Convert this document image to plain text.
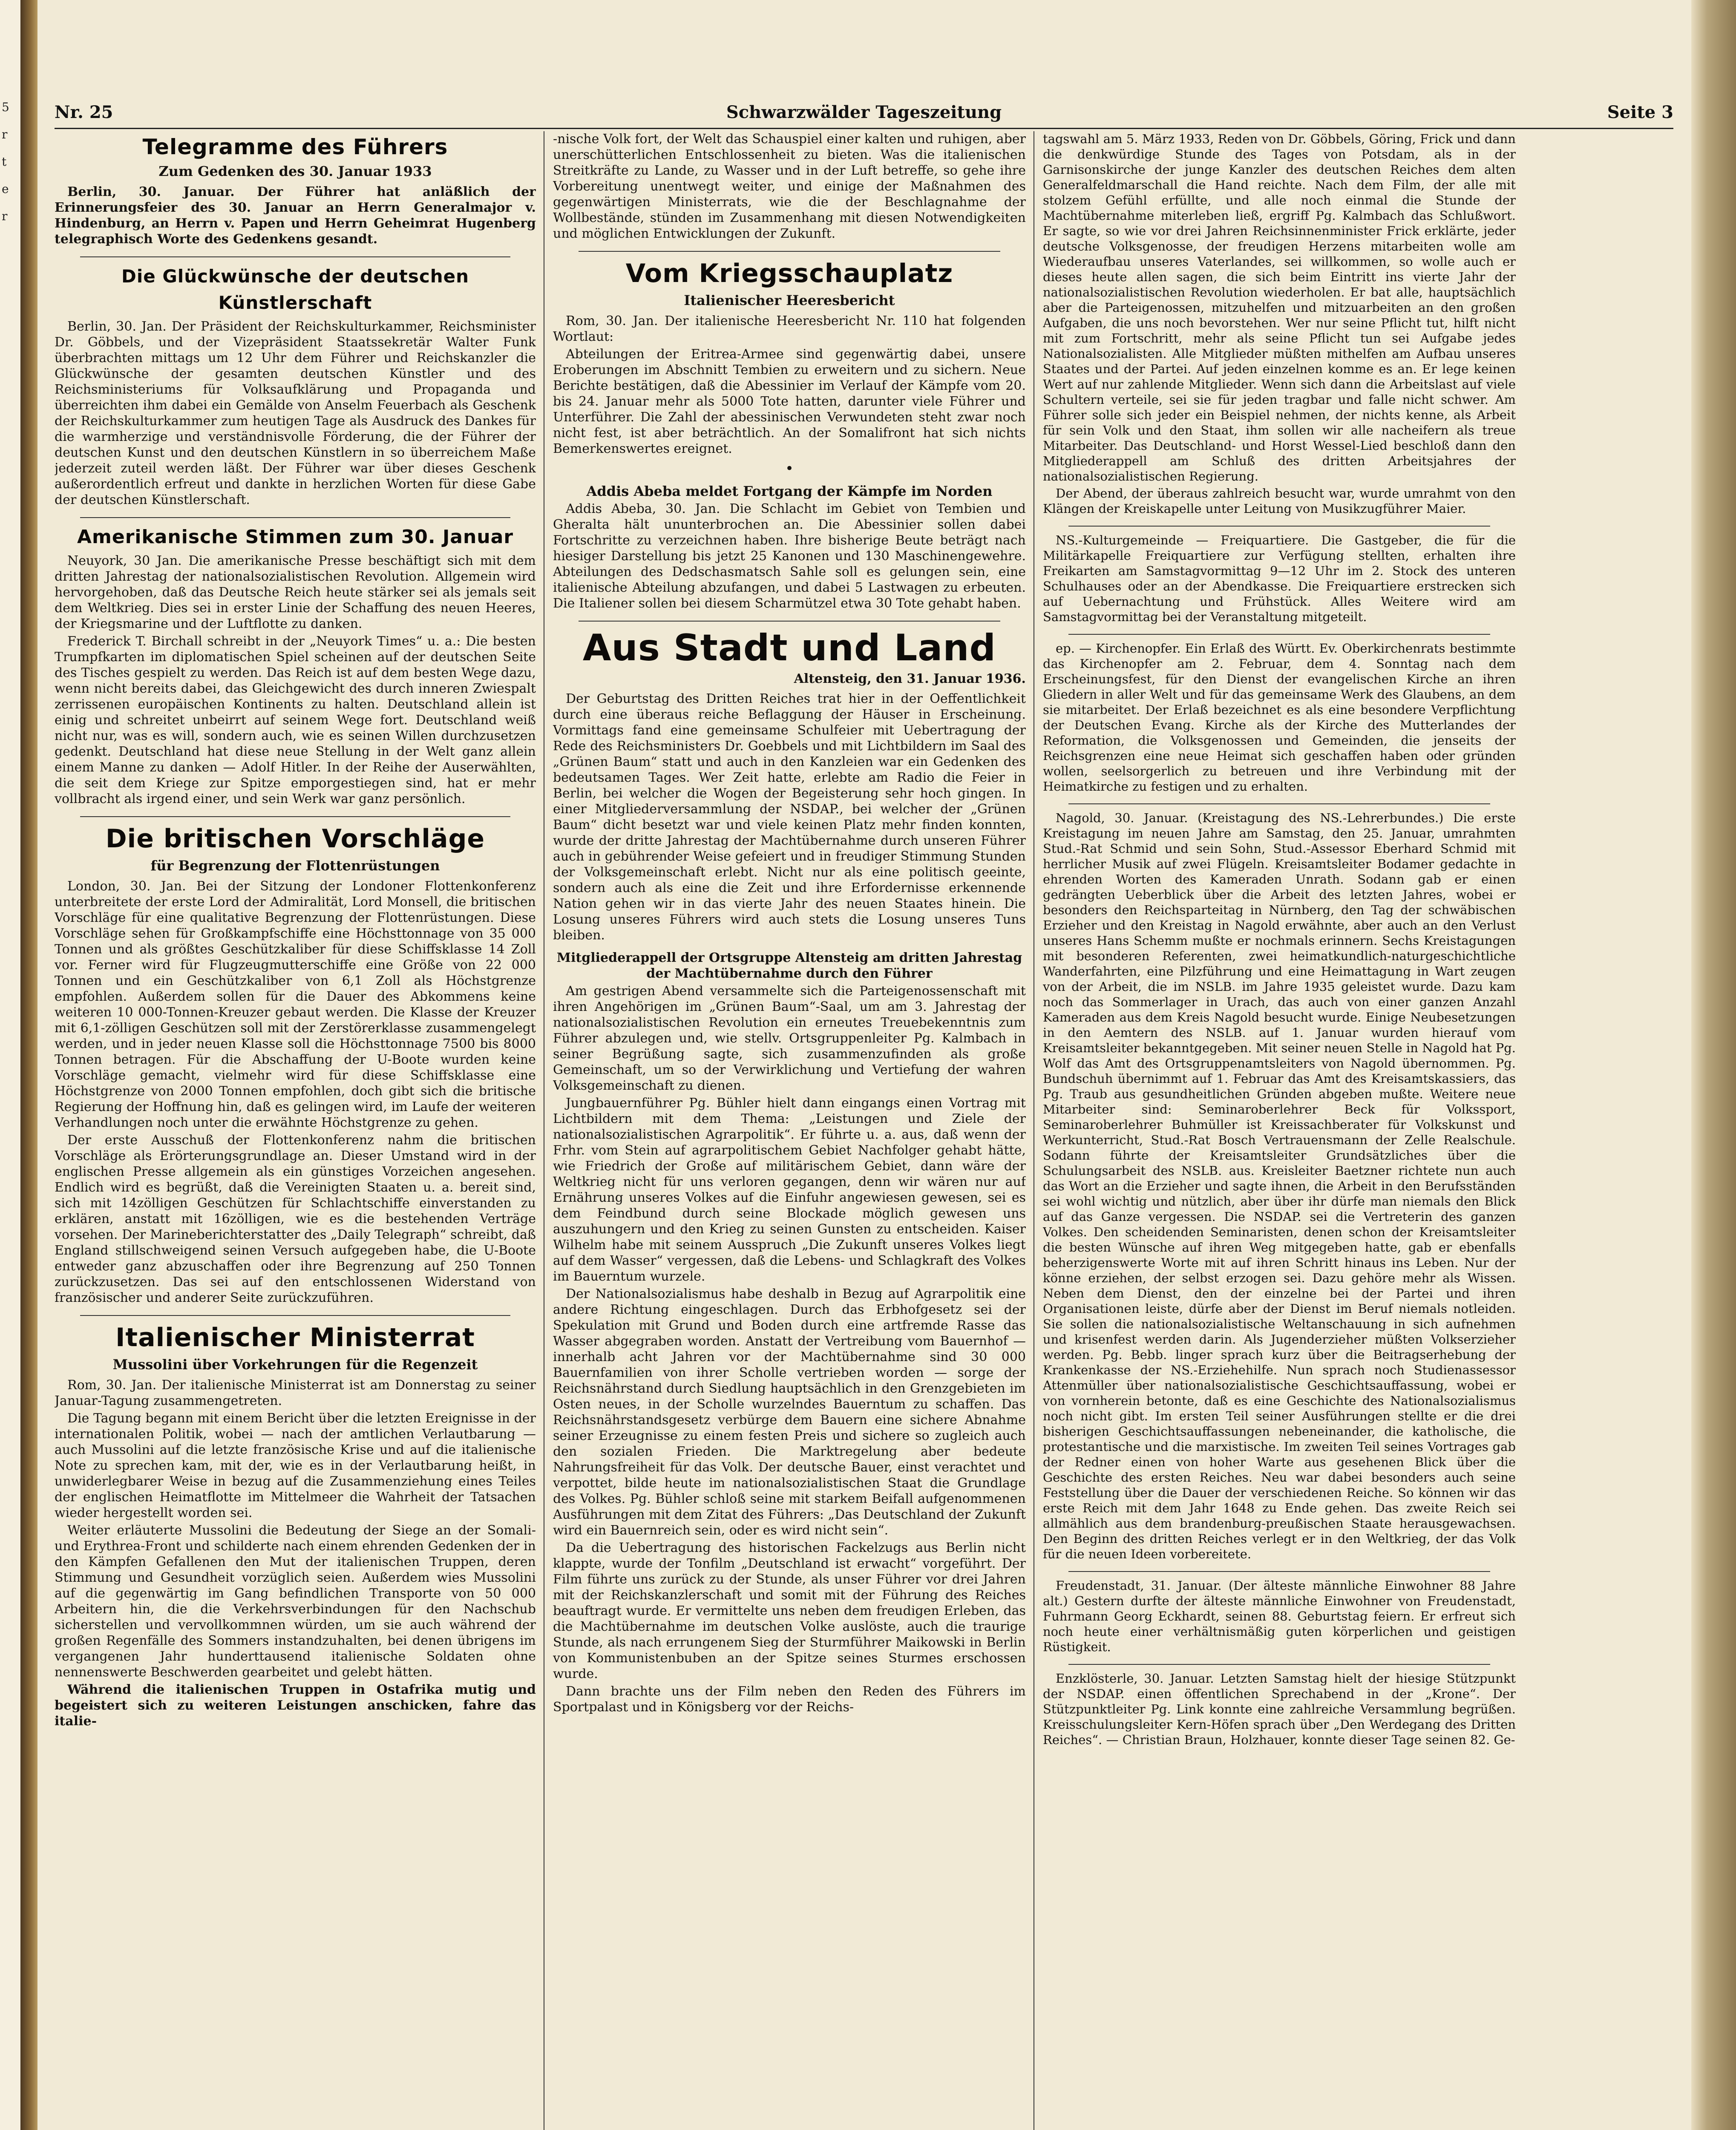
5
r
t
e
r
Nr. 25	Schwarzwälder Tageszeitung	Seite 3
Telegramme des Führers
Zum Gedenken des 30. Januar 1933

Berlin, 30. Januar. Der Führer hat anläßlich der Erinnerungsfeier des 30. Januar an Herrn Generalmajor v. Hindenburg, an Herrn v. Papen und Herrn Geheimrat Hugenberg telegraphisch Worte des Gedenkens gesandt.

Die Glückwünsche der deutschen Künstlerschaft

Berlin, 30. Jan. Der Präsident der Reichskulturkammer, Reichsminister Dr. Göbbels, und der Vizepräsident Staatssekretär Walter Funk überbrachten mittags um 12 Uhr dem Führer und Reichskanzler die Glückwünsche der gesamten deutschen Künstler und des Reichsministeriums für Volksaufklärung und Propaganda und überreichten ihm dabei ein Gemälde von Anselm Feuerbach als Geschenk der Reichskulturkammer zum heutigen Tage als Ausdruck des Dankes für die warmherzige und verständnisvolle Förderung, die der Führer der deutschen Kunst und den deutschen Künstlern in so überreichem Maße jederzeit zuteil werden läßt. Der Führer war über dieses Geschenk außerordentlich erfreut und dankte in herzlichen Worten für diese Gabe der deutschen Künstlerschaft.

Amerikanische Stimmen zum 30. Januar

Neuyork, 30 Jan. Die amerikanische Presse beschäftigt sich mit dem dritten Jahrestag der nationalsozialistischen Revolution. Allgemein wird hervorgehoben, daß das Deutsche Reich heute stärker sei als jemals seit dem Weltkrieg. Dies sei in erster Linie der Schaffung des neuen Heeres, der Kriegsmarine und der Luftflotte zu danken.

Frederick T. Birchall schreibt in der „Neuyork Times“ u. a.: Die besten Trumpfkarten im diplomatischen Spiel scheinen auf der deutschen Seite des Tisches gespielt zu werden. Das Reich ist auf dem besten Wege dazu, wenn nicht bereits dabei, das Gleichgewicht des durch inneren Zwiespalt zerrissenen europäischen Kontinents zu halten. Deutschland allein ist einig und schreitet unbeirrt auf seinem Wege fort. Deutschland weiß nicht nur, was es will, sondern auch, wie es seinen Willen durchzusetzen gedenkt. Deutschland hat diese neue Stellung in der Welt ganz allein einem Manne zu danken — Adolf Hitler. In der Reihe der Auserwählten, die seit dem Kriege zur Spitze emporgestiegen sind, hat er mehr vollbracht als irgend einer, und sein Werk war ganz persönlich.

Die britischen Vorschläge
für Begrenzung der Flottenrüstungen

London, 30. Jan. Bei der Sitzung der Londoner Flottenkonferenz unterbreitete der erste Lord der Admiralität, Lord Monsell, die britischen Vorschläge für eine qualitative Begrenzung der Flottenrüstungen. Diese Vorschläge sehen für Großkampfschiffe eine Höchsttonnage von 35 000 Tonnen und als größtes Geschützkaliber für diese Schiffsklasse 14 Zoll vor. Ferner wird für Flugzeugmutterschiffe eine Größe von 22 000 Tonnen und ein Geschützkaliber von 6,1 Zoll als Höchstgrenze empfohlen. Außerdem sollen für die Dauer des Abkommens keine weiteren 10 000-Tonnen-Kreuzer gebaut werden. Die Klasse der Kreuzer mit 6,1-zölligen Geschützen soll mit der Zerstörerklasse zusammengelegt werden, und in jeder neuen Klasse soll die Höchsttonnage 7500 bis 8000 Tonnen betragen. Für die Abschaffung der U-Boote wurden keine Vorschläge gemacht, vielmehr wird für diese Schiffsklasse eine Höchstgrenze von 2000 Tonnen empfohlen, doch gibt sich die britische Regierung der Hoffnung hin, daß es gelingen wird, im Laufe der weiteren Verhandlungen noch unter die erwähnte Höchstgrenze zu gehen.

Der erste Ausschuß der Flottenkonferenz nahm die britischen Vorschläge als Erörterungsgrundlage an. Dieser Umstand wird in der englischen Presse allgemein als ein günstiges Vorzeichen angesehen. Endlich wird es begrüßt, daß die Vereinigten Staaten u. a. bereit sind, sich mit 14zölligen Geschützen für Schlachtschiffe einverstanden zu erklären, anstatt mit 16zölligen, wie es die bestehenden Verträge vorsehen. Der Marineberichterstatter des „Daily Telegraph“ schreibt, daß England stillschweigend seinen Versuch aufgegeben habe, die U-Boote entweder ganz abzuschaffen oder ihre Begrenzung auf 250 Tonnen zurückzusetzen. Das sei auf den entschlossenen Widerstand von französischer und anderer Seite zurückzuführen.

Italienischer Ministerrat
Mussolini über Vorkehrungen für die Regenzeit

Rom, 30. Jan. Der italienische Ministerrat ist am Donnerstag zu seiner Januar-Tagung zusammengetreten.

Die Tagung begann mit einem Bericht über die letzten Ereignisse in der internationalen Politik, wobei — nach der amtlichen Verlautbarung — auch Mussolini auf die letzte französische Krise und auf die italienische Note zu sprechen kam, mit der, wie es in der Verlautbarung heißt, in unwiderlegbarer Weise in bezug auf die Zusammenziehung eines Teiles der englischen Heimatflotte im Mittelmeer die Wahrheit der Tatsachen wieder hergestellt worden sei.

Weiter erläuterte Mussolini die Bedeutung der Siege an der Somali- und Erythrea-Front und schilderte nach einem ehrenden Gedenken der in den Kämpfen Gefallenen den Mut der italienischen Truppen, deren Stimmung und Gesundheit vorzüglich seien. Außerdem wies Mussolini auf die gegenwärtig im Gang befindlichen Transporte von 50 000 Arbeitern hin, die die Verkehrsverbindungen für den Nachschub sicherstellen und vervollkommnen würden, um sie auch während der großen Regenfälle des Sommers instandzuhalten, bei denen übrigens im vergangenen Jahr hunderttausend italienische Soldaten ohne nennenswerte Beschwerden gearbeitet und gelebt hätten.

Während die italienischen Truppen in Ostafrika mutig und begeistert sich zu weiteren Leistungen anschicken, fahre das italie-

-nische Volk fort, der Welt das Schauspiel einer kalten und ruhigen, aber unerschütterlichen Entschlossenheit zu bieten. Was die italienischen Streitkräfte zu Lande, zu Wasser und in der Luft betreffe, so gehe ihre Vorbereitung unentwegt weiter, und einige der Maßnahmen des gegenwärtigen Ministerrats, wie die der Beschlagnahme der Wollbestände, stünden im Zusammenhang mit diesen Notwendigkeiten und möglichen Entwicklungen der Zukunft.

Vom Kriegsschauplatz
Italienischer Heeresbericht

Rom, 30. Jan. Der italienische Heeresbericht Nr. 110 hat folgenden Wortlaut:

Abteilungen der Eritrea-Armee sind gegenwärtig dabei, unsere Eroberungen im Abschnitt Tembien zu erweitern und zu sichern. Neue Berichte bestätigen, daß die Abessinier im Verlauf der Kämpfe vom 20. bis 24. Januar mehr als 5000 Tote hatten, darunter viele Führer und Unterführer. Die Zahl der abessinischen Verwundeten steht zwar noch nicht fest, ist aber beträchtlich. An der Somalifront hat sich nichts Bemerkenswertes ereignet.

•

Addis Abeba meldet Fortgang der Kämpfe im Norden

Addis Abeba, 30. Jan. Die Schlacht im Gebiet von Tembien und Gheralta hält ununterbrochen an. Die Abessinier sollen dabei Fortschritte zu verzeichnen haben. Ihre bisherige Beute beträgt nach hiesiger Darstellung bis jetzt 25 Kanonen und 130 Maschinengewehre. Abteilungen des Dedschasmatsch Sahle soll es gelungen sein, eine italienische Abteilung abzufangen, und dabei 5 Lastwagen zu erbeuten. Die Italiener sollen bei diesem Scharmützel etwa 30 Tote gehabt haben.

Aus Stadt und Land
Altensteig, den 31. Januar 1936.

Der Geburtstag des Dritten Reiches trat hier in der Oeffentlichkeit durch eine überaus reiche Beflaggung der Häuser in Erscheinung. Vormittags fand eine gemeinsame Schulfeier mit Uebertragung der Rede des Reichsministers Dr. Goebbels und mit Lichtbildern im Saal des „Grünen Baum“ statt und auch in den Kanzleien war ein Gedenken des bedeutsamen Tages. Wer Zeit hatte, erlebte am Radio die Feier in Berlin, bei welcher die Wogen der Begeisterung sehr hoch gingen. In einer Mitgliederversammlung der NSDAP., bei welcher der „Grünen Baum“ dicht besetzt war und viele keinen Platz mehr finden konnten, wurde der dritte Jahrestag der Machtübernahme durch unseren Führer auch in gebührender Weise gefeiert und in freudiger Stimmung Stunden der Volksgemeinschaft erlebt. Nicht nur als eine politisch geeinte, sondern auch als eine die Zeit und ihre Erfordernisse erkennende Nation gehen wir in das vierte Jahr des neuen Staates hinein. Die Losung unseres Führers wird auch stets die Losung unseres Tuns bleiben.

Mitgliederappell der Ortsgruppe Altensteig am dritten Jahrestag der Machtübernahme durch den Führer

Am gestrigen Abend versammelte sich die Parteigenossenschaft mit ihren Angehörigen im „Grünen Baum“-Saal, um am 3. Jahrestag der nationalsozialistischen Revolution ein erneutes Treuebekenntnis zum Führer abzulegen und, wie stellv. Ortsgruppenleiter Pg. Kalmbach in seiner Begrüßung sagte, sich zusammenzufinden als große Gemeinschaft, um so der Verwirklichung und Vertiefung der wahren Volksgemeinschaft zu dienen.

Jungbauernführer Pg. Bühler hielt dann eingangs einen Vortrag mit Lichtbildern mit dem Thema: „Leistungen und Ziele der nationalsozialistischen Agrarpolitik“. Er führte u. a. aus, daß wenn der Frhr. vom Stein auf agrarpolitischem Gebiet Nachfolger gehabt hätte, wie Friedrich der Große auf militärischem Gebiet, dann wäre der Weltkrieg nicht für uns verloren gegangen, denn wir wären nur auf Ernährung unseres Volkes auf die Einfuhr angewiesen gewesen, sei es dem Feindbund durch seine Blockade möglich gewesen uns auszuhungern und den Krieg zu seinen Gunsten zu entscheiden. Kaiser Wilhelm habe mit seinem Ausspruch „Die Zukunft unseres Volkes liegt auf dem Wasser“ vergessen, daß die Lebens- und Schlagkraft des Volkes im Bauerntum wurzele.

Der Nationalsozialismus habe deshalb in Bezug auf Agrarpolitik eine andere Richtung eingeschlagen. Durch das Erbhofgesetz sei der Spekulation mit Grund und Boden durch eine artfremde Rasse das Wasser abgegraben worden. Anstatt der Vertreibung vom Bauernhof — innerhalb acht Jahren vor der Machtübernahme sind 30 000 Bauernfamilien von ihrer Scholle vertrieben worden — sorge der Reichsnährstand durch Siedlung hauptsächlich in den Grenzgebieten im Osten neues, in der Scholle wurzelndes Bauerntum zu schaffen. Das Reichsnährstandsgesetz verbürge dem Bauern eine sichere Abnahme seiner Erzeugnisse zu einem festen Preis und sichere so zugleich auch den sozialen Frieden. Die Marktregelung aber bedeute Nahrungsfreiheit für das Volk. Der deutsche Bauer, einst verachtet und verpottet, bilde heute im nationalsozialistischen Staat die Grundlage des Volkes. Pg. Bühler schloß seine mit starkem Beifall aufgenommenen Ausführungen mit dem Zitat des Führers: „Das Deutschland der Zukunft wird ein Bauernreich sein, oder es wird nicht sein“.

Da die Uebertragung des historischen Fackelzugs aus Berlin nicht klappte, wurde der Tonfilm „Deutschland ist erwacht“ vorgeführt. Der Film führte uns zurück zu der Stunde, als unser Führer vor drei Jahren mit der Reichskanzlerschaft und somit mit der Führung des Reiches beauftragt wurde. Er vermittelte uns neben dem freudigen Erleben, das die Machtübernahme im deutschen Volke auslöste, auch die traurige Stunde, als nach errungenem Sieg der Sturmführer Maikowski in Berlin von Kommunistenbuben an der Spitze seines Sturmes erschossen wurde.

Dann brachte uns der Film neben den Reden des Führers im Sportpalast und in Königsberg vor der Reichs-

tagswahl am 5. März 1933, Reden von Dr. Göbbels, Göring, Frick und dann die denkwürdige Stunde des Tages von Potsdam, als in der Garnisonskirche der junge Kanzler des deutschen Reiches dem alten Generalfeldmarschall die Hand reichte. Nach dem Film, der alle mit stolzem Gefühl erfüllte, und alle noch einmal die Stunde der Machtübernahme miterleben ließ, ergriff Pg. Kalmbach das Schlußwort. Er sagte, so wie vor drei Jahren Reichsinnenminister Frick erklärte, jeder deutsche Volksgenosse, der freudigen Herzens mitarbeiten wolle am Wiederaufbau unseres Vaterlandes, sei willkommen, so wolle auch er dieses heute allen sagen, die sich beim Eintritt ins vierte Jahr der nationalsozialistischen Revolution wiederholen. Er bat alle, hauptsächlich aber die Parteigenossen, mitzuhelfen und mitzuarbeiten an den großen Aufgaben, die uns noch bevorstehen. Wer nur seine Pflicht tut, hilft nicht mit zum Fortschritt, mehr als seine Pflicht tun sei Aufgabe jedes Nationalsozialisten. Alle Mitglieder müßten mithelfen am Aufbau unseres Staates und der Partei. Auf jeden einzelnen komme es an. Er lege keinen Wert auf nur zahlende Mitglieder. Wenn sich dann die Arbeitslast auf viele Schultern verteile, sei sie für jeden tragbar und falle nicht schwer. Am Führer solle sich jeder ein Beispiel nehmen, der nichts kenne, als Arbeit für sein Volk und den Staat, ihm sollen wir alle nacheifern als treue Mitarbeiter. Das Deutschland- und Horst Wessel-Lied beschloß dann den Mitgliederappell am Schluß des dritten Arbeitsjahres der nationalsozialistischen Regierung.

Der Abend, der überaus zahlreich besucht war, wurde umrahmt von den Klängen der Kreiskapelle unter Leitung von Musikzugführer Maier.

NS.-Kulturgemeinde — Freiquartiere. Die Gastgeber, die für die Militärkapelle Freiquartiere zur Verfügung stellten, erhalten ihre Freikarten am Samstagvormittag 9—12 Uhr im 2. Stock des unteren Schulhauses oder an der Abendkasse. Die Freiquartiere erstrecken sich auf Uebernachtung und Frühstück. Alles Weitere wird am Samstagvormittag bei der Veranstaltung mitgeteilt.

ep. — Kirchenopfer. Ein Erlaß des Württ. Ev. Oberkirchenrats bestimmte das Kirchenopfer am 2. Februar, dem 4. Sonntag nach dem Erscheinungsfest, für den Dienst der evangelischen Kirche an ihren Gliedern in aller Welt und für das gemeinsame Werk des Glaubens, an dem sie mitarbeitet. Der Erlaß bezeichnet es als eine besondere Verpflichtung der Deutschen Evang. Kirche als der Kirche des Mutterlandes der Reformation, die Volksgenossen und Gemeinden, die jenseits der Reichsgrenzen eine neue Heimat sich geschaffen haben oder gründen wollen, seelsorgerlich zu betreuen und ihre Verbindung mit der Heimatkirche zu festigen und zu erhalten.

Nagold, 30. Januar. (Kreistagung des NS.-Lehrerbundes.) Die erste Kreistagung im neuen Jahre am Samstag, den 25. Januar, umrahmten Stud.-Rat Schmid und sein Sohn, Stud.-Assessor Eberhard Schmid mit herrlicher Musik auf zwei Flügeln. Kreisamtsleiter Bodamer gedachte in ehrenden Worten des Kameraden Unrath. Sodann gab er einen gedrängten Ueberblick über die Arbeit des letzten Jahres, wobei er besonders den Reichsparteitag in Nürnberg, den Tag der schwäbischen Erzieher und den Kreistag in Nagold erwähnte, aber auch an den Verlust unseres Hans Schemm mußte er nochmals erinnern. Sechs Kreistagungen mit besonderen Referenten, zwei heimatkundlich-naturgeschichtliche Wanderfahrten, eine Pilzführung und eine Heimattagung in Wart zeugen von der Arbeit, die im NSLB. im Jahre 1935 geleistet wurde. Dazu kam noch das Sommerlager in Urach, das auch von einer ganzen Anzahl Kameraden aus dem Kreis Nagold besucht wurde. Einige Neubesetzungen in den Aemtern des NSLB. auf 1. Januar wurden hierauf vom Kreisamtsleiter bekanntgegeben. Mit seiner neuen Stelle in Nagold hat Pg. Wolf das Amt des Ortsgruppenamtsleiters von Nagold übernommen. Pg. Bundschuh übernimmt auf 1. Februar das Amt des Kreisamtskassiers, das Pg. Traub aus gesundheitlichen Gründen abgeben mußte. Weitere neue Mitarbeiter sind: Seminaroberlehrer Beck für Volkssport, Seminaroberlehrer Buhmüller ist Kreissachberater für Volkskunst und Werkunterricht, Stud.-Rat Bosch Vertrauensmann der Zelle Realschule. Sodann führte der Kreisamtsleiter Grundsätzliches über die Schulungsarbeit des NSLB. aus. Kreisleiter Baetzner richtete nun auch das Wort an die Erzieher und sagte ihnen, die Arbeit in den Berufsständen sei wohl wichtig und nützlich, aber über ihr dürfe man niemals den Blick auf das Ganze vergessen. Die NSDAP. sei die Vertreterin des ganzen Volkes. Den scheidenden Seminaristen, denen schon der Kreisamtsleiter die besten Wünsche auf ihren Weg mitgegeben hatte, gab er ebenfalls beherzigenswerte Worte mit auf ihren Schritt hinaus ins Leben. Nur der könne erziehen, der selbst erzogen sei. Dazu gehöre mehr als Wissen. Neben dem Dienst, den der einzelne bei der Partei und ihren Organisationen leiste, dürfe aber der Dienst im Beruf niemals notleiden. Sie sollen die nationalsozialistische Weltanschauung in sich aufnehmen und krisenfest werden darin. Als Jugenderzieher müßten Volkserzieher werden. Pg. Bebb. linger sprach kurz über die Beitragserhebung der Krankenkasse der NS.-Erziehehilfe. Nun sprach noch Studienassessor Attenmüller über nationalsozialistische Geschichtsauffassung, wobei er von vornherein betonte, daß es eine Geschichte des Nationalsozialismus noch nicht gibt. Im ersten Teil seiner Ausführungen stellte er die drei bisherigen Geschichtsauffassungen nebeneinander, die katholische, die protestantische und die marxistische. Im zweiten Teil seines Vortrages gab der Redner einen von hoher Warte aus gesehenen Blick über die Geschichte des ersten Reiches. Neu war dabei besonders auch seine Feststellung über die Dauer der verschiedenen Reiche. So können wir das erste Reich mit dem Jahr 1648 zu Ende gehen. Das zweite Reich sei allmählich aus dem brandenburg-preußischen Staate herausgewachsen. Den Beginn des dritten Reiches verlegt er in den Weltkrieg, der das Volk für die neuen Ideen vorbereitete.

Freudenstadt, 31. Januar. (Der älteste männliche Einwohner 88 Jahre alt.) Gestern durfte der älteste männliche Einwohner von Freudenstadt, Fuhrmann Georg Eckhardt, seinen 88. Geburtstag feiern. Er erfreut sich noch heute einer verhältnismäßig guten körperlichen und geistigen Rüstigkeit.

Enzklösterle, 30. Januar. Letzten Samstag hielt der hiesige Stützpunkt der NSDAP. einen öffentlichen Sprechabend in der „Krone“. Der Stützpunktleiter Pg. Link konnte eine zahlreiche Versammlung begrüßen. Kreisschulungsleiter Kern-Höfen sprach über „Den Werdegang des Dritten Reiches“. — Christian Braun, Holzhauer, konnte dieser Tage seinen 82. Ge-
